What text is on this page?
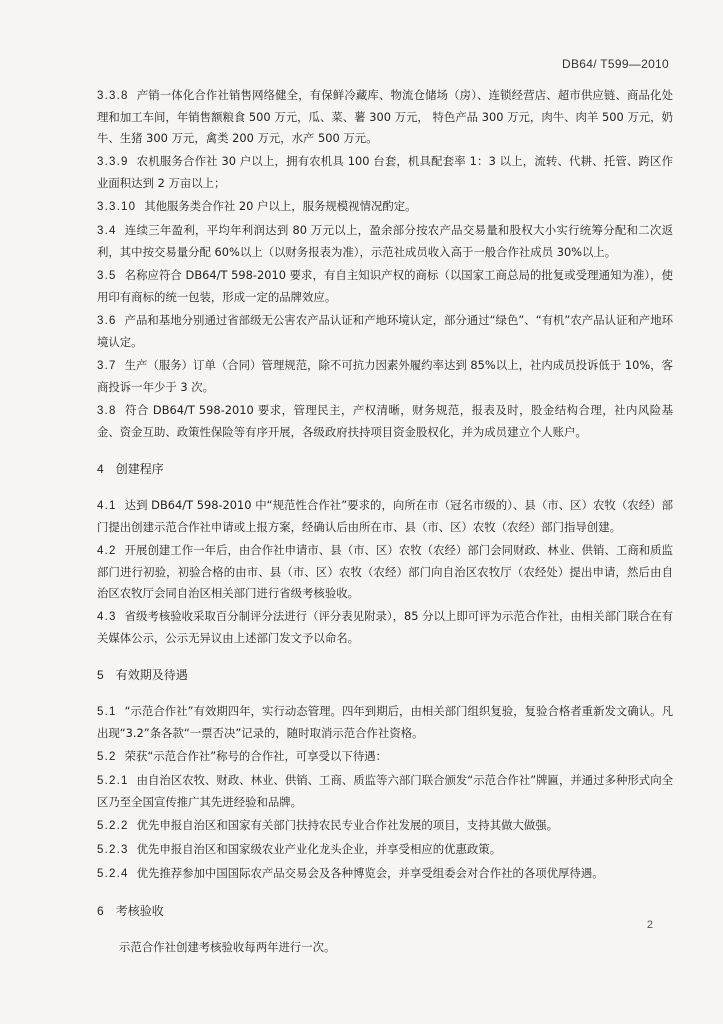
DB64/ T599—2010

3.3.8 产销一体化合作社销售网络健全，有保鲜冷藏库、物流仓储场（房）、连锁经营店、超市供应链、商品化处理和加工车间，年销售额粮食 500 万元，瓜、菜、薯 300 万元， 特色产品 300 万元，肉牛、肉羊 500 万元，奶牛、生猪 300 万元，禽类 200 万元，水产 500 万元。

3.3.9 农机服务合作社 30 户以上，拥有农机具 100 台套，机具配套率 1：3 以上，流转、代耕、托管、跨区作业面积达到 2 万亩以上；

3.3.10 其他服务类合作社 20 户以上，服务规模视情况酌定。

3.4 连续三年盈利，平均年利润达到 80 万元以上，盈余部分按农产品交易量和股权大小实行统筹分配和二次返利，其中按交易量分配 60%以上（以财务报表为准），示范社成员收入高于一般合作社成员 30%以上。

3.5 名称应符合 DB64/T 598-2010 要求，有自主知识产权的商标（以国家工商总局的批复或受理通知为准），使用印有商标的统一包装，形成一定的品牌效应。

3.6 产品和基地分别通过省部级无公害农产品认证和产地环境认定，部分通过“绿色”、“有机”农产品认证和产地环境认定。

3.7 生产（服务）订单（合同）管理规范，除不可抗力因素外履约率达到 85%以上，社内成员投诉低于 10%，客商投诉一年少于 3 次。

3.8 符合 DB64/T 598-2010 要求，管理民主，产权清晰，财务规范，报表及时，股金结构合理，社内风险基金、资金互助、政策性保险等有序开展，各级政府扶持项目资金股权化，并为成员建立个人账户。

4 创建程序

4.1 达到 DB64/T 598-2010 中“规范性合作社”要求的，向所在市（冠名市级的）、县（市、区）农牧（农经）部门提出创建示范合作社申请或上报方案，经确认后由所在市、县（市、区）农牧（农经）部门指导创建。

4.2 开展创建工作一年后，由合作社申请市、县（市、区）农牧（农经）部门会同财政、林业、供销、工商和质监部门进行初验，初验合格的由市、县（市、区）农牧（农经）部门向自治区农牧厅（农经处）提出申请，然后由自治区农牧厅会同自治区相关部门进行省级考核验收。

4.3 省级考核验收采取百分制评分法进行（评分表见附录），85 分以上即可评为示范合作社，由相关部门联合在有关媒体公示，公示无异议由上述部门发文予以命名。

5 有效期及待遇

5.1 “示范合作社”有效期四年，实行动态管理。四年到期后，由相关部门组织复验，复验合格者重新发文确认。凡出现“3.2”条各款“一票否决”记录的，随时取消示范合作社资格。

5.2 荣获“示范合作社”称号的合作社，可享受以下待遇：

5.2.1 由自治区农牧、财政、林业、供销、工商、质监等六部门联合颁发“示范合作社”牌匾，并通过多种形式向全区乃至全国宣传推广其先进经验和品牌。

5.2.2 优先申报自治区和国家有关部门扶持农民专业合作社发展的项目，支持其做大做强。

5.2.3 优先申报自治区和国家级农业产业化龙头企业，并享受相应的优惠政策。

5.2.4 优先推荐参加中国国际农产品交易会及各种博览会，并享受组委会对合作社的各项优厚待遇。

6 考核验收

示范合作社创建考核验收每两年进行一次。

2
